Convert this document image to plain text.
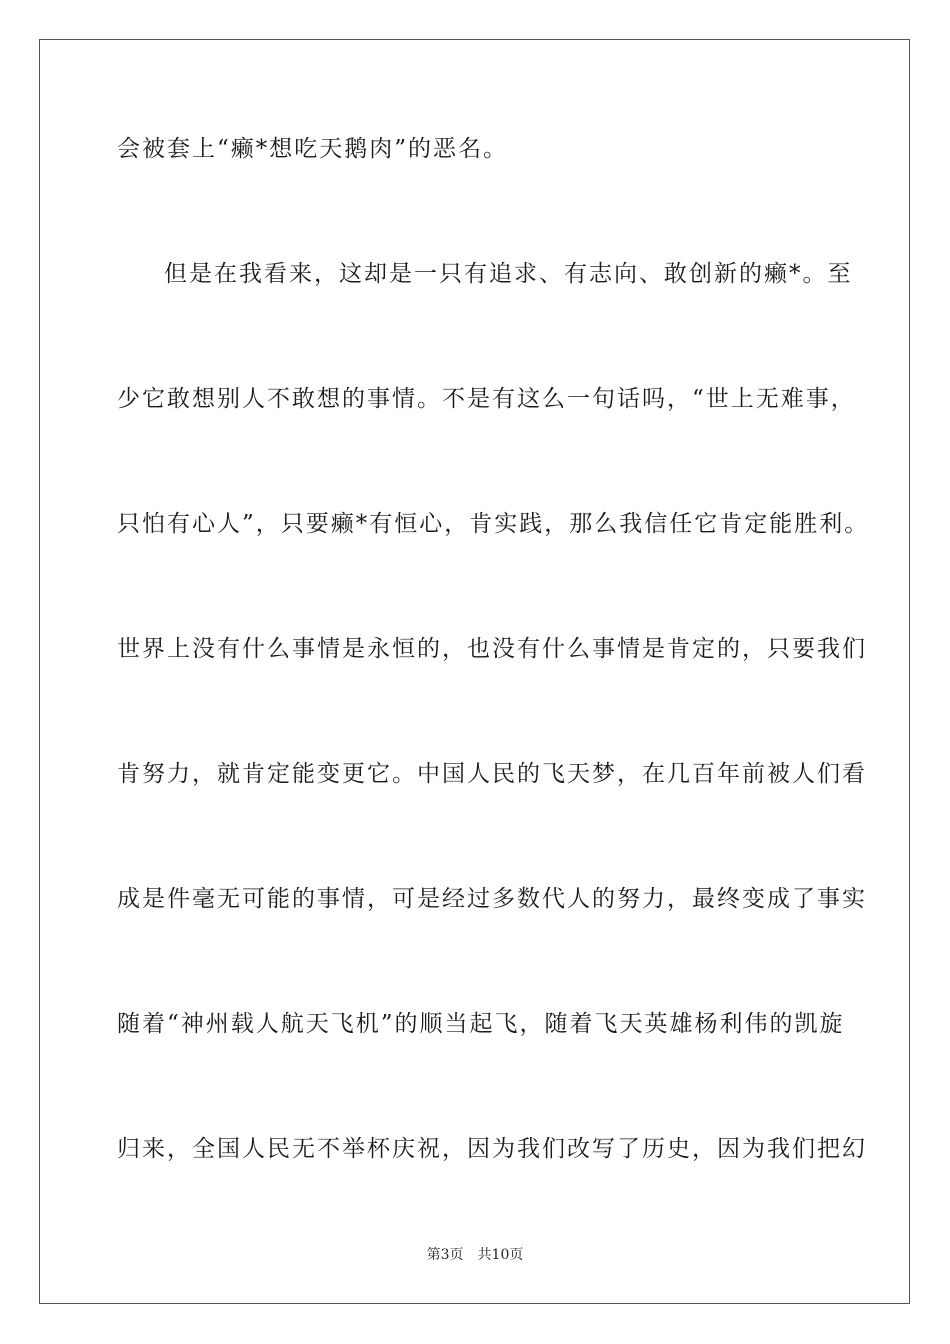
会被套上“癞*想吃天鹅肉”的恶名。
但是在我看来，这却是一只有追求、有志向、敢创新的癞*。至
少它敢想别人不敢想的事情。不是有这么一句话吗，“世上无难事，
只怕有心人”，只要癞*有恒心，肯实践，那么我信任它肯定能胜利。
世界上没有什么事情是永恒的，也没有什么事情是肯定的，只要我们
肯努力，就肯定能变更它。中国人民的飞天梦，在几百年前被人们看
成是件毫无可能的事情，可是经过多数代人的努力，最终变成了事实
随着“神州载人航天飞机”的顺当起飞，随着飞天英雄杨利伟的凯旋
归来，全国人民无不举杯庆祝，因为我们改写了历史，因为我们把幻
第3页　共10页
